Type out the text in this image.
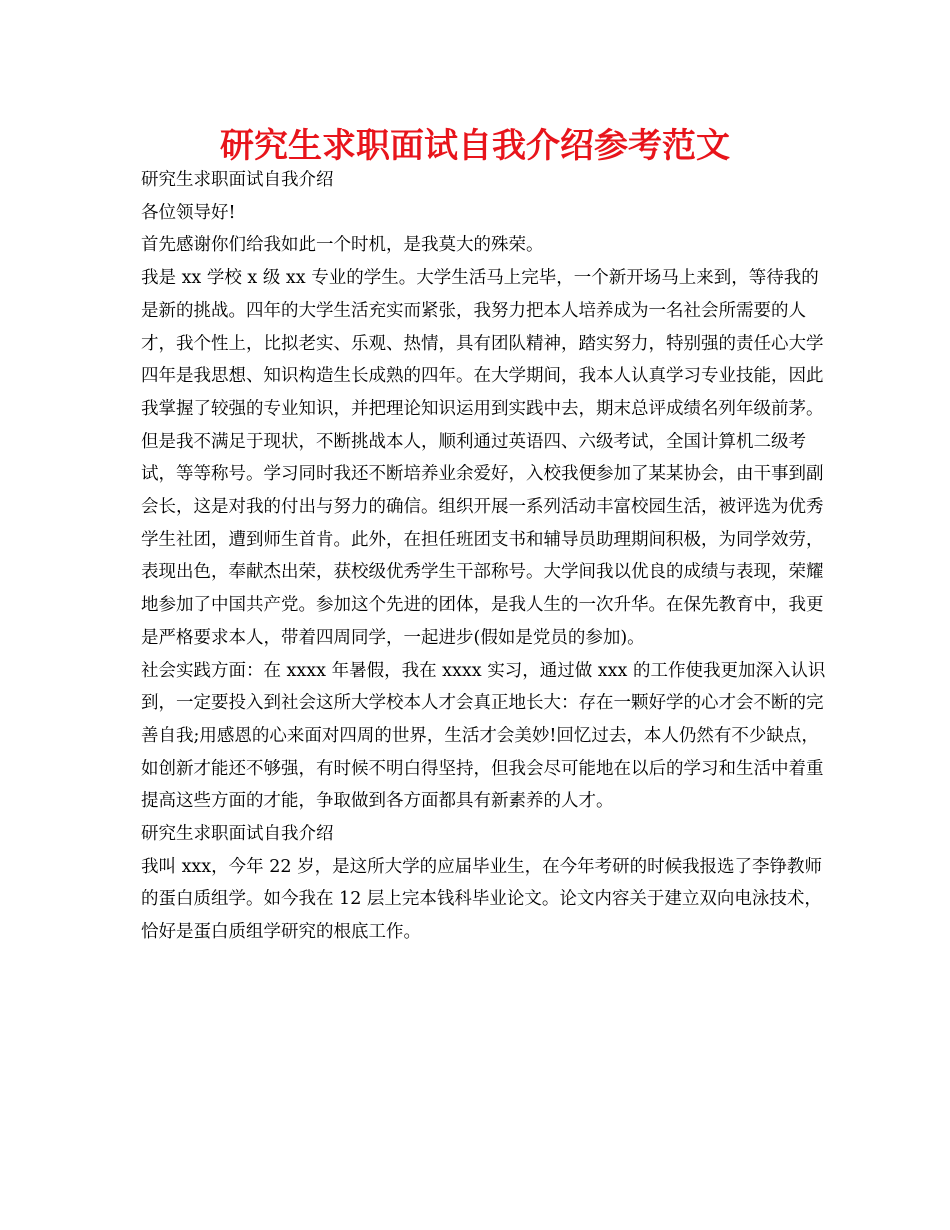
研究生求职面试自我介绍参考范文

研究生求职面试自我介绍

各位领导好!

首先感谢你们给我如此一个时机，是我莫大的殊荣。

我是 xx 学校 x 级 xx 专业的学生。大学生活马上完毕，一个新开场马上来到，等待我的是新的挑战。四年的大学生活充实而紧张，我努力把本人培养成为一名社会所需要的人才，我个性上，比拟老实、乐观、热情，具有团队精神，踏实努力，特别强的责任心大学四年是我思想、知识构造生长成熟的四年。在大学期间，我本人认真学习专业技能，因此我掌握了较强的专业知识，并把理论知识运用到实践中去，期末总评成绩名列年级前茅。但是我不满足于现状，不断挑战本人，顺利通过英语四、六级考试，全国计算机二级考试，等等称号。学习同时我还不断培养业余爱好，入校我便参加了某某协会，由干事到副会长，这是对我的付出与努力的确信。组织开展一系列活动丰富校园生活，被评选为优秀学生社团，遭到师生首肯。此外，在担任班团支书和辅导员助理期间积极，为同学效劳，表现出色，奉献杰出荣，获校级优秀学生干部称号。大学间我以优良的成绩与表现，荣耀地参加了中国共产党。参加这个先进的团体，是我人生的一次升华。在保先教育中，我更是严格要求本人，带着四周同学，一起进步(假如是党员的参加)。

社会实践方面：在 xxxx 年暑假，我在 xxxx 实习，通过做 xxx 的工作使我更加深入认识到，一定要投入到社会这所大学校本人才会真正地长大：存在一颗好学的心才会不断的完善自我;用感恩的心来面对四周的世界，生活才会美妙!回忆过去，本人仍然有不少缺点，如创新才能还不够强，有时候不明白得坚持，但我会尽可能地在以后的学习和生活中着重提高这些方面的才能，争取做到各方面都具有新素养的人才。

研究生求职面试自我介绍

我叫 xxx，今年 22 岁，是这所大学的应届毕业生，在今年考研的时候我报选了李铮教师的蛋白质组学。如今我在 12 层上完本钱科毕业论文。论文内容关于建立双向电泳技术，恰好是蛋白质组学研究的根底工作。
